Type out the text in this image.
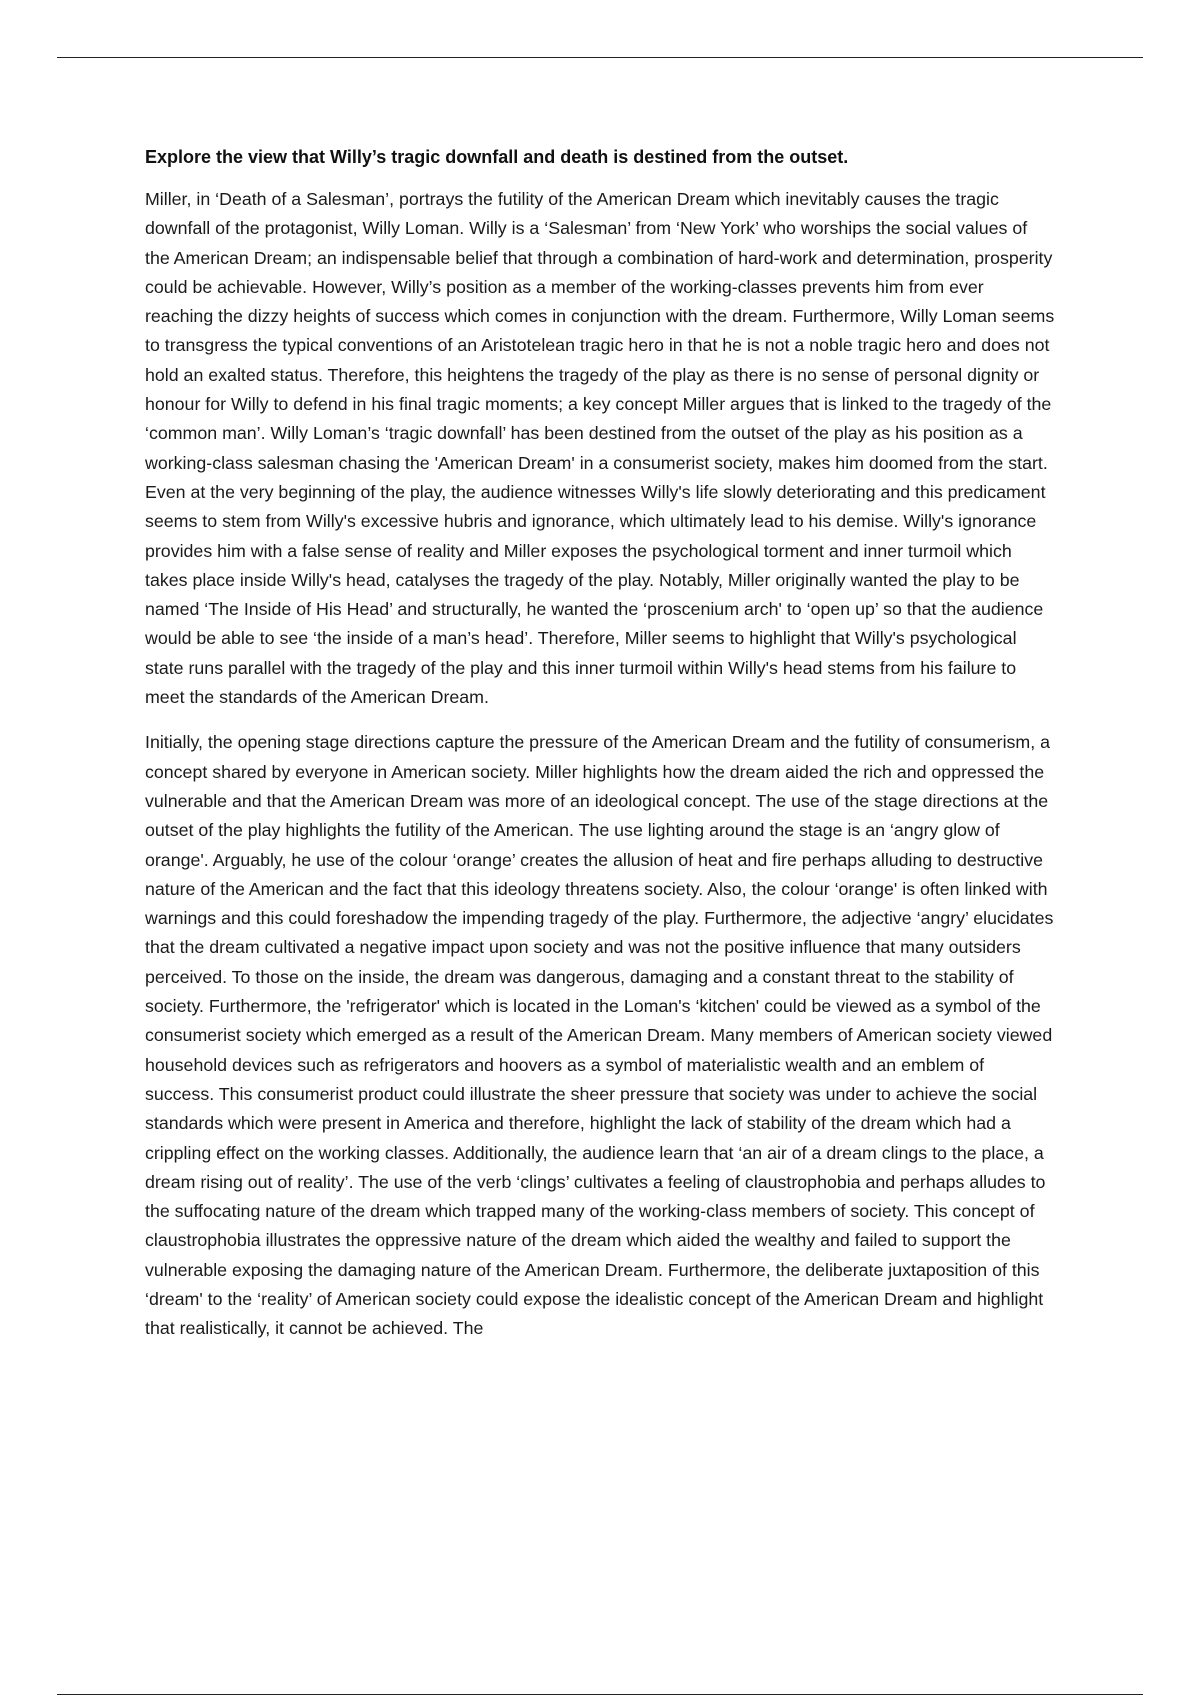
Explore the view that Willy’s tragic downfall and death is destined from the outset.

Miller, in ‘Death of a Salesman’, portrays the futility of the American Dream which inevitably causes the tragic downfall of the protagonist, Willy Loman. Willy is a ‘Salesman’ from ‘New York’ who worships the social values of the American Dream; an indispensable belief that through a combination of hard-work and determination, prosperity could be achievable. However, Willy’s position as a member of the working-classes prevents him from ever reaching the dizzy heights of success which comes in conjunction with the dream. Furthermore, Willy Loman seems to transgress the typical conventions of an Aristotelean tragic hero in that he is not a noble tragic hero and does not hold an exalted status. Therefore, this heightens the tragedy of the play as there is no sense of personal dignity or honour for Willy to defend in his final tragic moments; a key concept Miller argues that is linked to the tragedy of the ‘common man’. Willy Loman’s ‘tragic downfall’ has been destined from the outset of the play as his position as a working-class salesman chasing the 'American Dream' in a consumerist society, makes him doomed from the start. Even at the very beginning of the play, the audience witnesses Willy's life slowly deteriorating and this predicament seems to stem from Willy's excessive hubris and ignorance, which ultimately lead to his demise. Willy's ignorance provides him with a false sense of reality and Miller exposes the psychological torment and inner turmoil which takes place inside Willy's head, catalyses the tragedy of the play. Notably, Miller originally wanted the play to be named ‘The Inside of His Head’ and structurally, he wanted the ‘proscenium arch' to ‘open up’ so that the audience would be able to see ‘the inside of a man’s head’. Therefore, Miller seems to highlight that Willy's psychological state runs parallel with the tragedy of the play and this inner turmoil within Willy's head stems from his failure to meet the standards of the American Dream.

Initially, the opening stage directions capture the pressure of the American Dream and the futility of consumerism, a concept shared by everyone in American society. Miller highlights how the dream aided the rich and oppressed the vulnerable and that the American Dream was more of an ideological concept. The use of the stage directions at the outset of the play highlights the futility of the American. The use lighting around the stage is an ‘angry glow of orange'. Arguably, he use of the colour ‘orange’ creates the allusion of heat and fire perhaps alluding to destructive nature of the American and the fact that this ideology threatens society. Also, the colour ‘orange' is often linked with warnings and this could foreshadow the impending tragedy of the play. Furthermore, the adjective ‘angry’ elucidates that the dream cultivated a negative impact upon society and was not the positive influence that many outsiders perceived. To those on the inside, the dream was dangerous, damaging and a constant threat to the stability of society. Furthermore, the 'refrigerator' which is located in the Loman's ‘kitchen' could be viewed as a symbol of the consumerist society which emerged as a result of the American Dream. Many members of American society viewed household devices such as refrigerators and hoovers as a symbol of materialistic wealth and an emblem of success. This consumerist product could illustrate the sheer pressure that society was under to achieve the social standards which were present in America and therefore, highlight the lack of stability of the dream which had a crippling effect on the working classes. Additionally, the audience learn that ‘an air of a dream clings to the place, a dream rising out of reality’. The use of the verb ‘clings’ cultivates a feeling of claustrophobia and perhaps alludes to the suffocating nature of the dream which trapped many of the working-class members of society. This concept of claustrophobia illustrates the oppressive nature of the dream which aided the wealthy and failed to support the vulnerable exposing the damaging nature of the American Dream. Furthermore, the deliberate juxtaposition of this ‘dream' to the ‘reality’ of American society could expose the idealistic concept of the American Dream and highlight that realistically, it cannot be achieved. The
